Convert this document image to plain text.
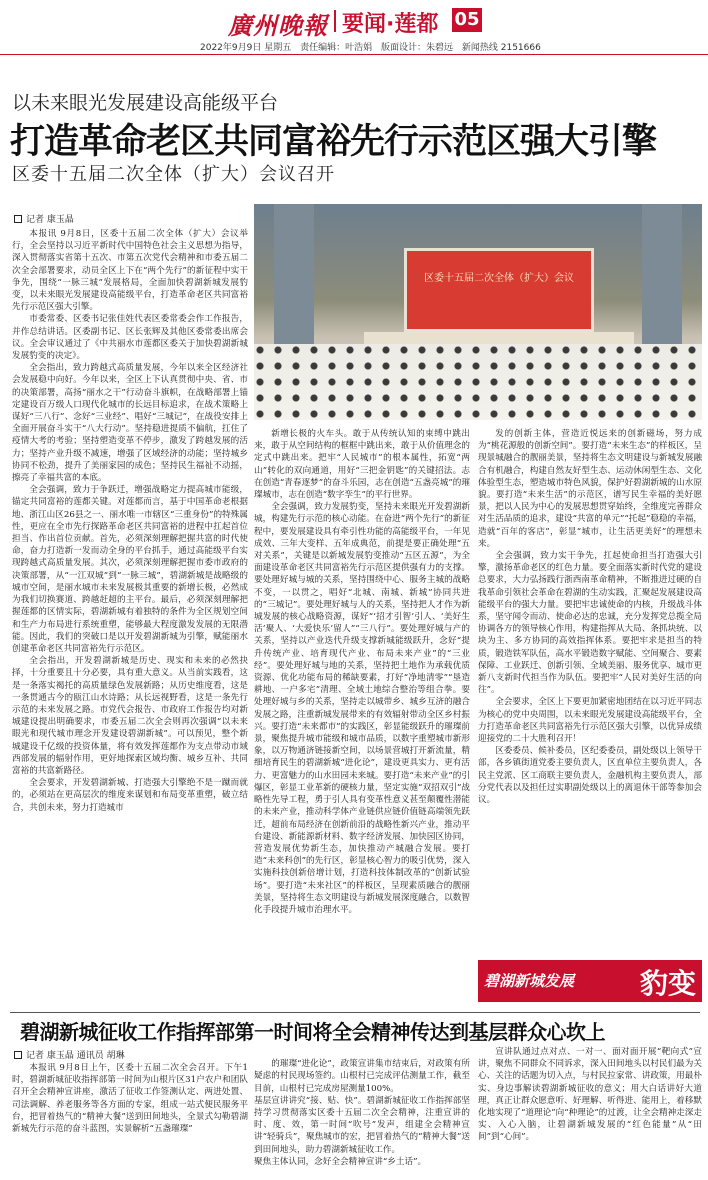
廣州晚報 要闻·莲都 05
2022年9月9日 星期五 责任编辑：叶浩娟 版面设计：朱碧远 新闻热线 2151666
以未来眼光发展建设高能级平台
打造革命老区共同富裕先行示范区强大引擎
区委十五届二次全体（扩大）会议召开
记者 康玉晶

本报讯 9月8日，区委十五届二次全体（扩大）会议举行，全会坚持以习近平新时代中国特色社会主义思想为指导，深入贯彻落实省第十五次、市第五次党代会精神和市委五届二次全会部署要求，动员全区上下在“两个先行”的新征程中实干争先，围绕“一脉三城”发展格局，全面加快碧湖新城发展豹变，以未来眼光发展建设高能级平台，打造革命老区共同富裕先行示范区强大引擎。

市委常委、区委书记张佳姓代表区委常委会作工作报告，并作总结讲话。区委副书记、区长张辉及其他区委常委出席会议。全会审议通过了《中共丽水市莲都区委关于加快碧湖新城发展豹变的决定》。

全会指出，致力跨越式高质量发展，今年以来全区经济社会发展稳中向好。今年以来，全区上下认真贯彻中央、省、市的决策部署，高扬“丽水之干”行动奋斗旗帜，在战略部署上锚定建设百万级人口现代化城市的长远目标追求，在战术策略上谋好“三八行”、念好“三业经”、唱好“三城记”，在战役安排上全面开展奋斗实干“八大行动”。坚持稳进提质不偏航，扛住了疫情大考的考验；坚持塑造变革不停步，激发了跨越发展的活力；坚持产业升级不减速，增强了区域经济的动能；坚持城乡协同不松劲，提升了美丽家园的成色；坚持民生福祉不动摇，擦亮了幸福共富的本底。

全会强调，致力于争跃迁，增强战略定力提高城市能级，锚定共同富裕的莲都关键。对莲都而言，基于中国革命老根据地、浙江山区26县之一、丽水唯一市辖区“三重身份”的特殊属性，更应在全市先行探路革命老区共同富裕的进程中扛起首位担当、作出首位贡献。首先，必须深刻理解把握共富的时代使命，奋力打造新一发而动全身的平台抓手，通过高能级平台实现跨越式高质量发展。其次，必须深刻理解把握市委市政府的决策部署，从“一江双城”到“一脉三城”，碧湖新城是战略级的城市空间，是丽水城市未来发展极其重要的新增长极，必然成为我们切换赛道、跨越赶超的主平台。最后，必须深刻理解把握莲都的区情实际，碧湖新城有着独特的条件为全区规划空间和生产力布局进行系统重塑，能够最大程度激发发展的无限潜能。因此，我们的突破口是以开发碧湖新城为引擎，赋能丽水创建革命老区共同富裕先行示范区。

全会指出，开发碧湖新城是历史、现实和未来的必然抉择，十分重要且十分必要，具有重大意义。从当前实践看，这是一条落实褐托的高质量绿色发展新路；从历史维度看，这是一条贯通古今的瓯江山水诗路；从长远视野看，这是一条先行示范的未来发展之路。市党代会报告、市政府工作报告均对新城建设提出明确要求，市委五届二次全会则再次强调“以未来眼光和现代城市理念开发建设碧湖新城”。可以预见，整个新城建设千亿级的投资体量，将有效发挥莲都作为支点带动市域西部发展的辐射作用，更好地探索区域均衡、城乡互补、共同富裕的共富新路径。

全会要求，开发碧湖新城、打造强大引擎绝不是一蹴而就的，必须站在更高层次的维度来谋划和布局变革重塑，破立结合，共创未来，努力打造城市

区委十五届二次全体（扩大）会议

新增长极的火车头。敢于从传统认知的束缚中跳出来，敢于从空间结构的框框中跳出来，敢于从价值理念的定式中跳出来。把牢“人民城市”的根本属性，拓宽“两山”转化的双向通道，用好“三把金钥匙”的关键招法。志在创造“青春逐梦”的奋斗乐园，志在创造“五盏亮城”的璀璨城市，志在创造“数字孪生”的平行世界。

全会强调，致力发展豹变，坚持未来眼光开发碧湖新城，构建先行示范的核心动能。在奋进“两个先行”的新征程中，要发展建设具有牵引性功能的高能级平台，一年见成效、三年大变样、五年成典范，前提是要正确处理“五对关系”，关键是以新城发展豹变推动“五区五源”，为全面建设革命老区共同富裕先行示范区提供强有力的支撑。要处理好城与城的关系，坚持围绕中心、服务主城的战略不变，一以贯之，唱好“北城、南城、新城”协同共进的“三城记”。要处理好城与人的关系，坚持把人才作为新城发展的核心战略资源，谋好“‘招才引智’引人、‘美好生活’聚人、‘大爱快乐’留人”“三八行”。要处理好城与产的关系，坚持以产业迭代升级支撑新城能级跃升，念好“提升传统产业、培育现代产业、布局未来产业”的“三业经”。要处理好城与地的关系，坚持把土地作为承载优质资源、优化功能布局的稀缺要素，打好“净地清零”“垦造耕地、一户多宅”清理、全域土地综合整治等组合拳。要处理好城与乡的关系，坚持走以城带乡、城乡互济的融合发展之路，注重新城发展带来的有效辐射带动全区乡村振兴。要打造“未来都市”的实践区，彰显能级跃升的璀璨前景，聚焦提升城市能级和城市品质，以数字重塑城市新形象，以万物通济链接新空间，以场景营城打开新流量，精细培育民生的碧湖新城“进化论”，建设更具实力、更有活力、更富魅力的山水田园未来城。要打造“未来产业”的引爆区，彰显工业革新的硬核力量，坚定实施“双招双引”战略性先导工程，勇于引人具有变革性意义甚至颠覆性潜能的未来产业，推动科学体产业链供应链价值链高端领先跃迁，超前布局经济在创新前沿的战略性新兴产业，推动平台建设、新能源新材料、数字经济发展、加快园区协同，营造发展优势新生态，加快推动产城融合发展。要打造“未来科创”的先行区，彰显核心智力的吸引优势，深入实施科技创新倍增计划，打造科技体制改革的“创新试验场”。要打造“未来社区”的样板区，呈现素质融合的靓丽美景，坚持将生态文明建设与新城发展深度融合，以数智化手段提升城市治理水平。

发的创新主体，营造近悦远来的创新磁场，努力成为“桃花源般的创新空间”。要打造“未来生态”的样板区，呈现景城融合的靓丽美景，坚持将生态文明建设与新城发展融合有机融合，构建自然友好型生态、运动休闲型生态、文化体验型生态，塑造城市特色风貌，保护好碧湖新城的山水原貌。要打造“未来生活”的示范区，谱写民生幸福的美好愿景，把以人民为中心的发展思想贯穿始终，全维度完善群众对生活品质的追求，建设“共富的单元”“托起”稳稳的幸福，造就“百年的客店”，彰显“城市，让生活更美好”的理想未来。

全会强调，致力实干争先，扛起使命担当打造强大引擎，激扬革命老区的红色力量。要全面落实新时代党的建设总要求，大力弘扬践行浙西南革命精神，不断推进过硬的自我革命引领社会革命在碧湖的生动实践，汇聚起发展建设高能级平台的强大力量。要把牢忠诚使命的内核，升级战斗体系，坚守闻令而动、使命必达的忠诚，充分发挥党总揽全局协调各方的领导核心作用，构建指挥从大局、条抓块统、以块为主、多方协同的高效指挥体系。要把牢求是担当的特质，锻造铁军队伍，高水平锻造数字赋能、空间聚合、要素保障、工业跃迁、创新引领、全域美丽、服务优享、城市更新八支新时代担当作为队伍。要把牢“人民对美好生活的向往”。

全会要求，全区上下要更加紧密地团结在以习近平同志为核心的党中央周围，以未来眼光发展建设高能级平台，全力打造革命老区共同富裕先行示范区强大引擎，以优异成绩迎接党的二十大胜利召开！

区委委员、候补委员，区纪委委员，副处级以上领导干部，各乡镇街道党委主要负责人，区直单位主要负责人，各民主党派、区工商联主要负责人，金融机构主要负责人，部分党代表以及担任过实职副处级以上的离退休干部等参加会议。

碧湖新城发展 豹变
碧湖新城征收工作指挥部第一时间将全会精神传达到基层群众心坎上
记者 康玉晶 通讯员 胡琳

本报讯 9月8日上午，区委十五届二次全会召开。下午1时，碧湖新城征收指挥部第一时间为山根片区31户农户和团队召开全会精神宣讲座，激活了征收工作签测认定、两进处置、司法调解、养老服务等各方面的专家，组成一站式便民服务平台，把冒着热气的“精神大餐”送到田间地头，全景式勾勒碧湖新城先行示范的奋斗蓝图，实景解析“五盏璀璨”

的璀璨“进化论”，政策宣讲集市结束后，对政策有所疑虑的村民现场签约。山根村已完成评估测量工作，截至目前，山根村已完成房屋测量100%。
基层宣讲讲究“接、贴、快”。碧湖新城征收工作指挥部坚持学习贯彻落实区委十五届二次全会精神，注重宣讲的时、度、效，第一时间“吹号”发声，组建全会精神宣讲“轻骑兵”，聚焦城市的宏，把冒着热气的“精神大餐”送到田间地头，助力碧湖新城征收工作。
聚焦主体认同，念好全会精神宣讲“乡土话”。

宣讲队通过点对点、一对一、面对面开展“靶向式”宣讲，聚焦不同群众不同诉求，深入田间地头以村民们最为关心、关注的话题为切入点，与村民拉家常、讲政策，用最朴实、身边事解读碧湖新城征收的意义；用大白话讲好大道理，真正让群众愿意听、好理解、听得进、能用上，着移默化地实现了“道理论”向“种理论”的过渡，让全会精神走深走实、入心入脑，让碧湖新城发展的“红色能量”从“田间”到“心间”。
